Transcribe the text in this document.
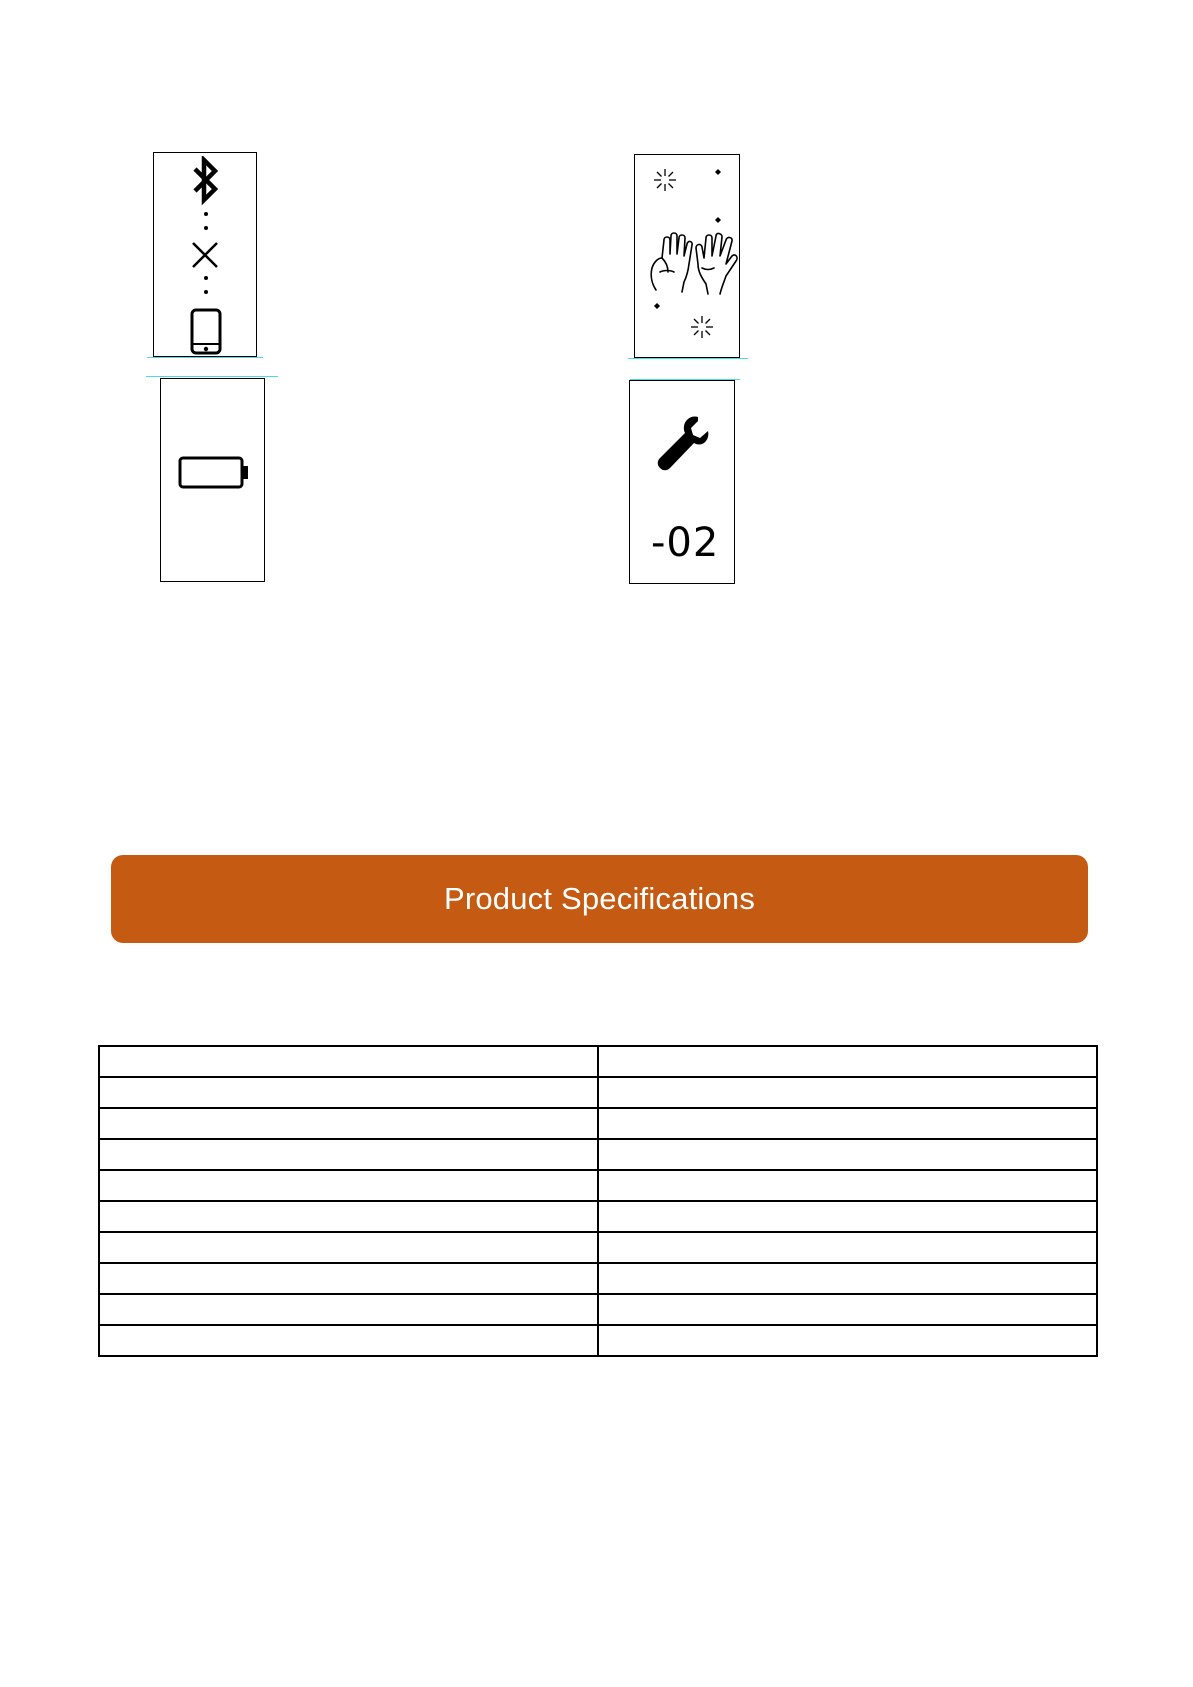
-02
Product Specifications
